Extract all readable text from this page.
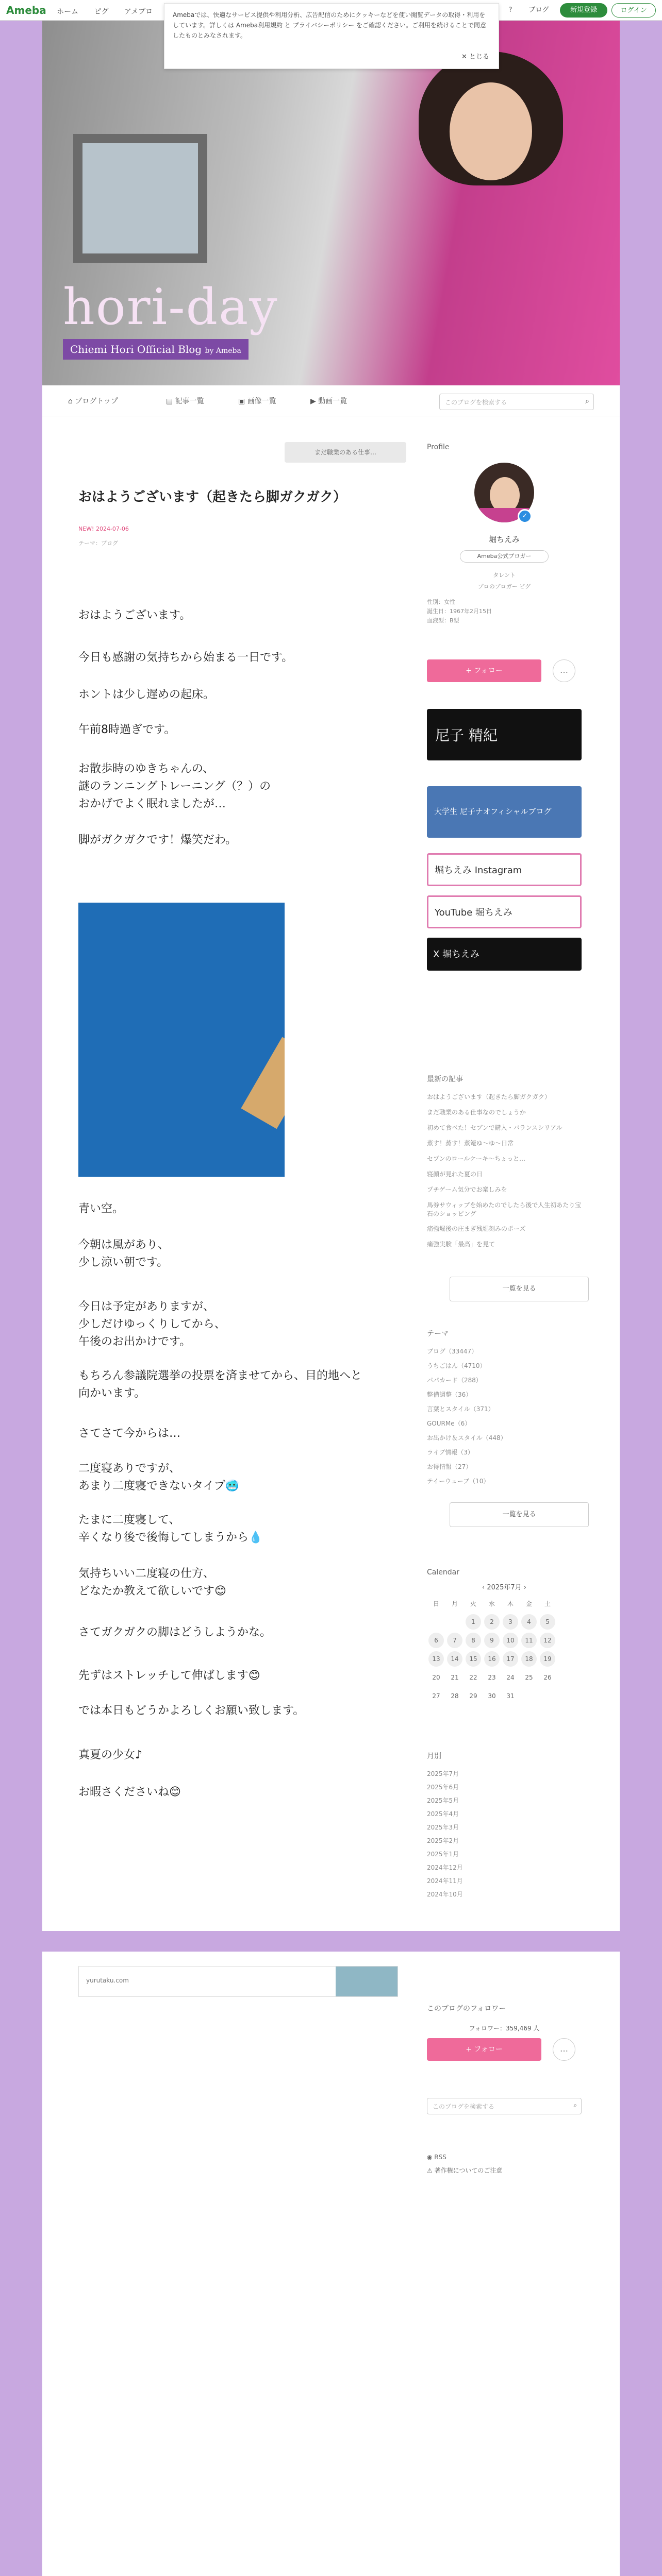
Ameba ホーム ピグ アメブロ	?	ブログ	新規登録	ログイン
hori-day
Chiemi Hori Official Blog by Ameba
Amebaでは、快適なサービス提供や利用分析、広告配信のためにクッキーなどを使い閲覧データの取得・利用をしています。詳しくは Ameba利用規約 と プライバシーポリシー をご確認ください。ご利用を続けることで同意したものとみなされます。
✕ とじる
⌂ ブログトップ	▤ 記事一覧	▣ 画像一覧	▶ 動画一覧	このブログを検索する	⌕
まだ職業のある仕事…
おはようございます（起きたら脚ガクガク）
NEW! 2024-07-06
テーマ：ブログ

おはようございます。

今日も感謝の気持ちから始まる一日です。

ホントは少し遅めの起床。

午前8時過ぎです。

お散歩時のゆきちゃんの、

謎のランニングトレーニング（？）の

おかげでよく眠れましたが…

脚がガクガクです！爆笑だわ。

青い空。

今朝は風があり、

少し涼い朝です。

今日は予定がありますが、

少しだけゆっくりしてから、

午後のお出かけです。

もちろん参議院選挙の投票を済ませてから、目的地へと

向かいます。

さてさて今からは…

二度寝ありですが、

あまり二度寝できないタイプ🥶

たまに二度寝して、

辛くなり後で後悔してしまうから💧

気持ちいい二度寝の仕方、

どなたか教えて欲しいです😊

さてガクガクの脚はどうしようかな。

先ずはストレッチして伸ばします😊

では本日もどうかよろしくお願い致します。

真夏の少女♪

お暇さくださいね😊

Profile
✓
堀ちえみ
Ameba公式ブロガー
タレント
プロのブロガー ピグ
性別：女性
誕生日：1967年2月15日
血液型：B型
+ フォロー	…
尼子 精紀
大学生 尼子ナオフィシャルブログ
堀ちえみ Instagram
YouTube 堀ちえみ
X 堀ちえみ
最新の記事
おはようございます（起きたら脚ガクガク）
まだ職業のある仕事なのでしょうか
初めて食べた！セブンで購入・バランスシリアル
蒸す！蒸す！蒸篭ゆ〜ゆ〜日常
セブンのロールケーキ〜ちょっと…
寝顔が見れた夏の日
プチゲーム気分でお楽しみを
馬券サウィップを始めたのでしたら後で人生初あたり宝石のショッピング
痛強堀後の庄まぎ残堀刻みのポーズ
痛強実験「最高」を見て
一覧を見る
テーマ
ブログ（33447）
うちごはん（4710）
パパカード（288）
整備調整（36）
言葉とスタイル（371）
GOURMe（6）
お出かけ＆スタイル（448）
ライブ情報（3）
お得情報（27）
テイーウェーブ（10）
一覧を見る
Calendar
‹ 2025年7月 ›
日	月	火	水	木	金	土
		1	2	3	4	5
6	7	8	9	10	11	12
13	14	15	16	17	18	19
20	21	22	23	24	25	26
27	28	29	30	31		
月別
2025年7月
2025年6月
2025年5月
2025年4月
2025年3月
2025年2月
2025年1月
2024年12月
2024年11月
2024年10月
yurutaku.com
このブログのフォロワー
フォロワー：359,469 人
+ フォロー	…
このブログを検索する	⌕
◉ RSS
⚠ 著作権についてのご注意
